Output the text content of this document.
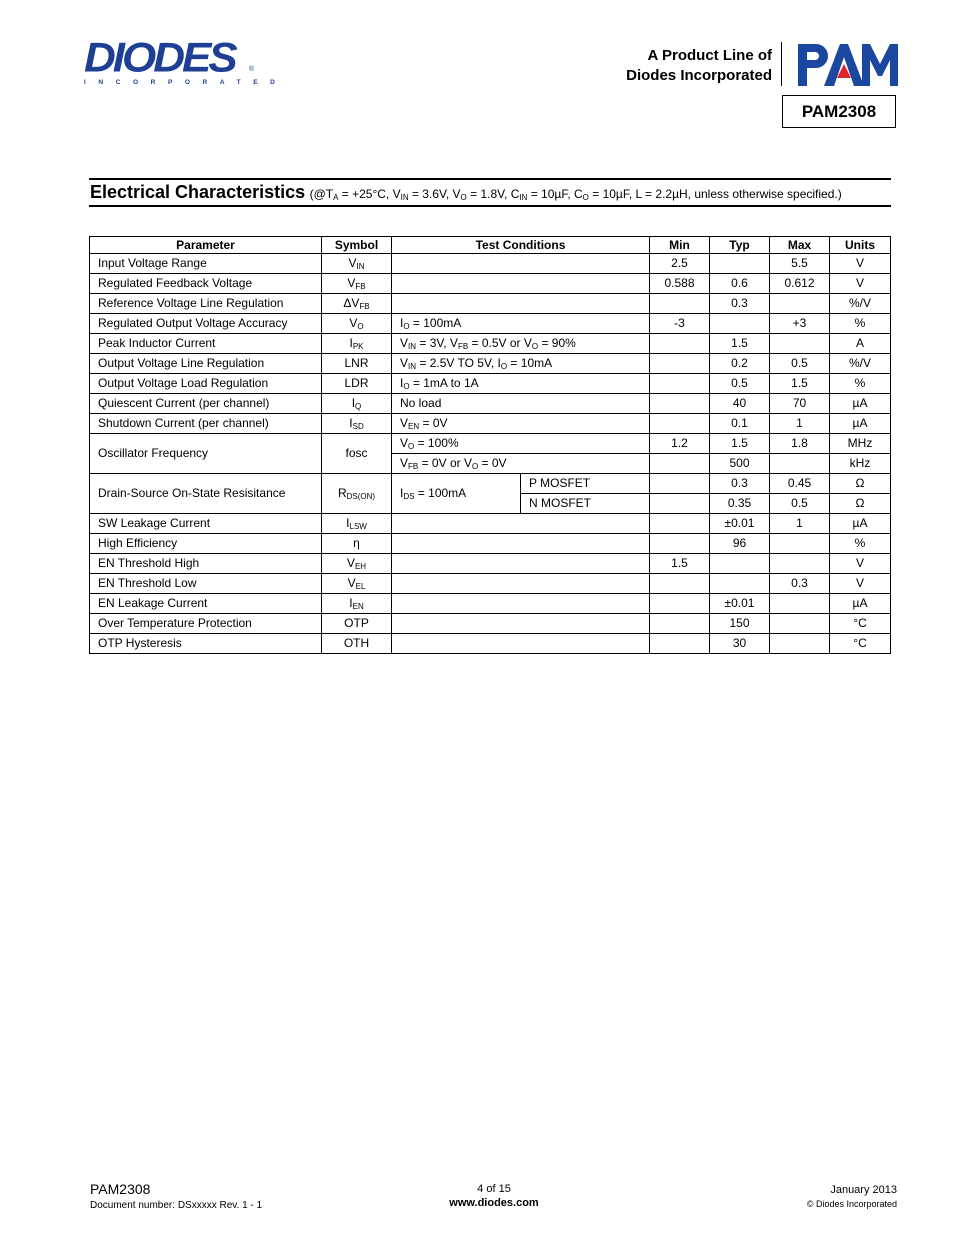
DIODES
INCORPORATED
®
A Product Line of
Diodes Incorporated
PAM2308
Electrical Characteristics ($@T_A = +25^\circ C$, $V_{IN} = 3.6V$, $V_O = 1.8V$, $C_{IN} = 10\mu F$, $C_O = 10\mu F$, L = 2.2µH, unless otherwise specified.)
Parameter	Symbol	Test Conditions		Min	Typ	Max	Units
Input Voltage Range	$V_{IN}$			2.5		5.5	V
Regulated Feedback Voltage	$V_{FB}$			0.588	0.6	0.612	V
Reference Voltage Line Regulation	$\Delta V_{FB}$				0.3		%/V
Regulated Output Voltage Accuracy	$V_O$	$I_O = 100mA$		-3		+3	%
Peak Inductor Current	$I_{PK}$	$V_{IN} = 3V$, $V_{FB} = 0.5V$ or $V_O = 90\%$			1.5		A
Output Voltage Line Regulation	LNR	$V_{IN} = 2.5V$ TO 5V, $I_O = 10mA$			0.2	0.5	%/V
Output Voltage Load Regulation	LDR	$I_O = 1mA$ to 1A			0.5	1.5	%
Quiescent Current (per channel)	$I_Q$	No load			40	70	µA
Shutdown Current (per channel)	$I_{SD}$	$V_{EN} = 0V$			0.1	1	µA
Oscillator Frequency	fosc	$V_O = 100\%$		1.2	1.5	1.8	MHz
		$V_{FB} = 0V$ or $V_O = 0V$			500		kHz
Drain-Source On-State Resisitance	$R_{DS(ON)}$	$I_{DS} = 100mA$	P MOSFET		0.3	0.45	Ω
			N MOSFET		0.35	0.5	Ω
SW Leakage Current	$I_{LSW}$				±0.01	1	µA
High Efficiency	η				96		%
EN Threshold High	$V_{EH}$			1.5			V
EN Threshold Low	$V_{EL}$					0.3	V
EN Leakage Current	$I_{EN}$				±0.01		µA
Over Temperature Protection	OTP				150		°C
OTP Hysteresis	OTH				30		°C
PAM2308
Document number: DSxxxxx Rev. 1 - 1
4 of 15
www.diodes.com
January 2013
© Diodes Incorporated
